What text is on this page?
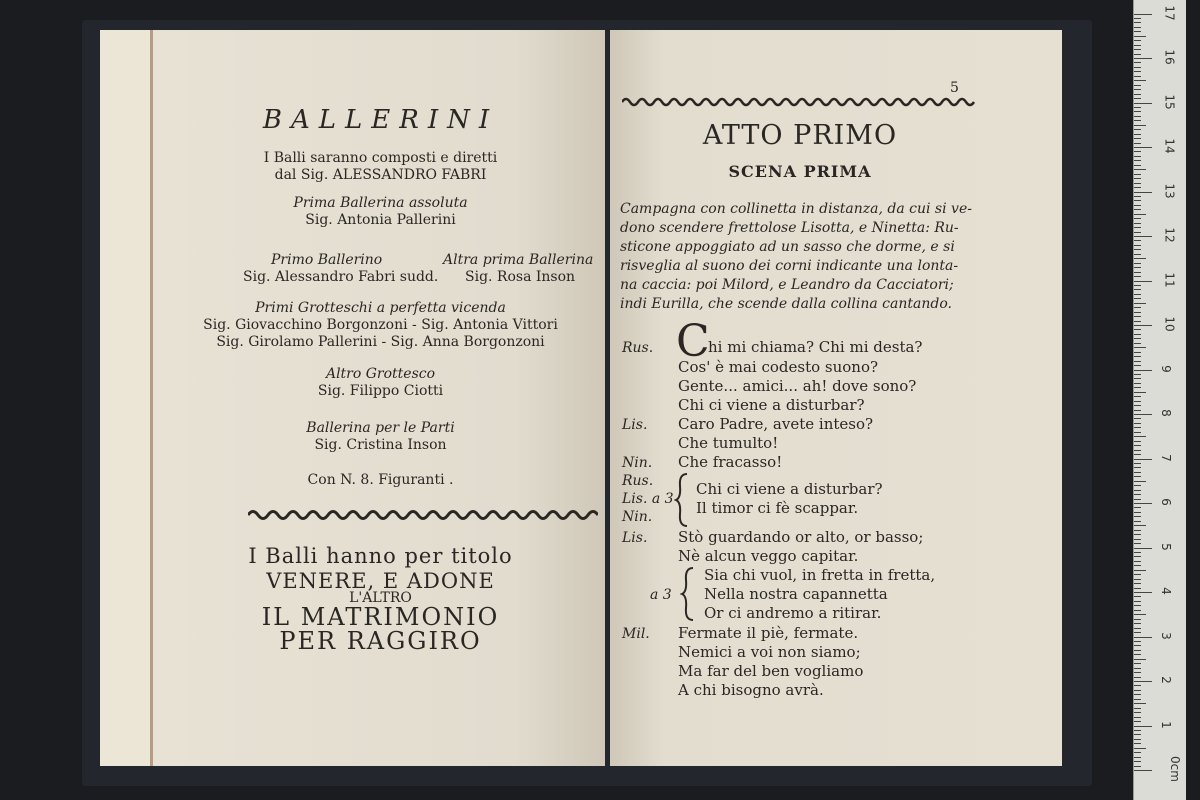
BALLERINI
I Balli saranno composti e diretti
dal Sig. ALESSANDRO FABRI
Prima Ballerina assoluta
Sig. Antonia Pallerini
Primo Ballerino
Sig. Alessandro Fabri sudd.
Altra prima Ballerina
Sig. Rosa Inson
Primi Grotteschi a perfetta vicenda
Sig. Giovacchino Borgonzoni - Sig. Antonia Vittori
Sig. Girolamo Pallerini - Sig. Anna Borgonzoni
Altro Grottesco
Sig. Filippo Ciotti
Ballerina per le Parti
Sig. Cristina Inson
Con N. 8. Figuranti .
I Balli hanno per titolo
VENERE, E ADONE
L'ALTRO
IL MATRIMONIO
PER RAGGIRO
5
ATTO PRIMO
SCENA PRIMA
Campagna con collinetta in distanza, da cui si ve-
dono scendere frettolose Lisotta, e Ninetta: Ru-
sticone appoggiato ad un sasso che dorme, e si
risveglia al suono dei corni indicante una lonta-
na caccia: poi Milord, e Leandro da Cacciatori;
indi Eurilla, che scende dalla collina cantando.
Rus. C
hi mi chiama? Chi mi desta?
Cos' è mai codesto suono?
Gente... amici... ah! dove sono?
Chi ci viene a disturbar?
Lis. Caro Padre, avete inteso?
Che tumulto!
Nin. Che fracasso!
Rus.
Lis. a 3
Nin.
Chi ci viene a disturbar?
Il timor ci fè scappar.
Lis. Stò guardando or alto, or basso;
Nè alcun veggo capitar.
a 3
Sia chi vuol, in fretta in fretta,
Nella nostra capannetta
Or ci andremo a ritirar.
Mil. Fermate il piè, fermate.
Nemici a voi non siamo;
Ma far del ben vogliamo
A chi bisogno avrà.
0cm
1
2
3
4
5
6
7
8
9
10
11
12
13
14
15
16
17
